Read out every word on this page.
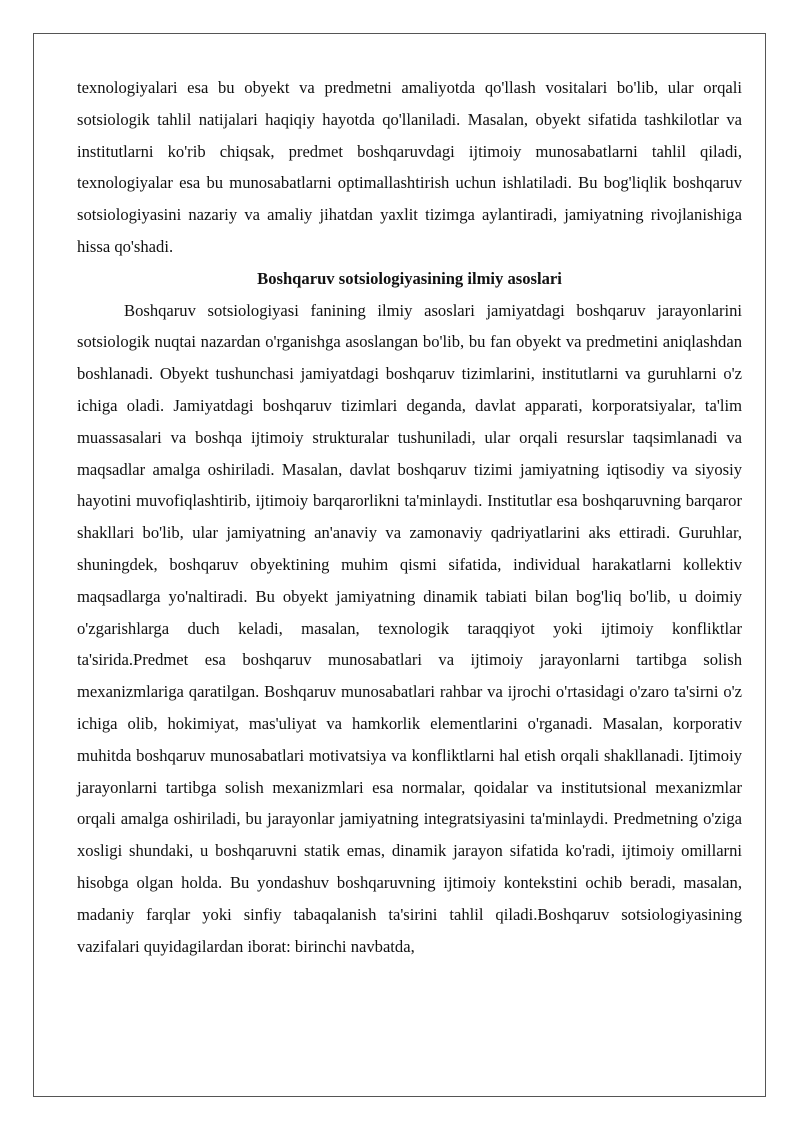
texnologiyalari esa bu obyekt va predmetni amaliyotda qo'llash vositalari bo'lib, ular orqali sotsiologik tahlil natijalari haqiqiy hayotda qo'llaniladi. Masalan, obyekt sifatida tashkilotlar va institutlarni ko'rib chiqsak, predmet boshqaruvdagi ijtimoiy munosabatlarni tahlil qiladi, texnologiyalar esa bu munosabatlarni optimallashtirish uchun ishlatiladi. Bu bog'liqlik boshqaruv sotsiologiyasini nazariy va amaliy jihatdan yaxlit tizimga aylantiradi, jamiyatning rivojlanishiga hissa qo'shadi.

Boshqaruv sotsiologiyasining ilmiy asoslari

Boshqaruv sotsiologiyasi fanining ilmiy asoslari jamiyatdagi boshqaruv jarayonlarini sotsiologik nuqtai nazardan o'rganishga asoslangan bo'lib, bu fan obyekt va predmetini aniqlashdan boshlanadi. Obyekt tushunchasi jamiyatdagi boshqaruv tizimlarini, institutlarni va guruhlarni o'z ichiga oladi. Jamiyatdagi boshqaruv tizimlari deganda, davlat apparati, korporatsiyalar, ta'lim muassasalari va boshqa ijtimoiy strukturalar tushuniladi, ular orqali resurslar taqsimlanadi va maqsadlar amalga oshiriladi. Masalan, davlat boshqaruv tizimi jamiyatning iqtisodiy va siyosiy hayotini muvofiqlashtirib, ijtimoiy barqarorlikni ta'minlaydi. Institutlar esa boshqaruvning barqaror shakllari bo'lib, ular jamiyatning an'anaviy va zamonaviy qadriyatlarini aks ettiradi. Guruhlar, shuningdek, boshqaruv obyektining muhim qismi sifatida, individual harakatlarni kollektiv maqsadlarga yo'naltiradi. Bu obyekt jamiyatning dinamik tabiati bilan bog'liq bo'lib, u doimiy o'zgarishlarga duch keladi, masalan, texnologik taraqqiyot yoki ijtimoiy konfliktlar ta'sirida.Predmet esa boshqaruv munosabatlari va ijtimoiy jarayonlarni tartibga solish mexanizmlariga qaratilgan. Boshqaruv munosabatlari rahbar va ijrochi o'rtasidagi o'zaro ta'sirni o'z ichiga olib, hokimiyat, mas'uliyat va hamkorlik elementlarini o'rganadi. Masalan, korporativ muhitda boshqaruv munosabatlari motivatsiya va konfliktlarni hal etish orqali shakllanadi. Ijtimoiy jarayonlarni tartibga solish mexanizmlari esa normalar, qoidalar va institutsional mexanizmlar orqali amalga oshiriladi, bu jarayonlar jamiyatning integratsiyasini ta'minlaydi. Predmetning o'ziga xosligi shundaki, u boshqaruvni statik emas, dinamik jarayon sifatida ko'radi, ijtimoiy omillarni hisobga olgan holda. Bu yondashuv boshqaruvning ijtimoiy kontekstini ochib beradi, masalan, madaniy farqlar yoki sinfiy tabaqalanish ta'sirini tahlil qiladi.Boshqaruv sotsiologiyasining vazifalari quyidagilardan iborat: birinchi navbatda,
